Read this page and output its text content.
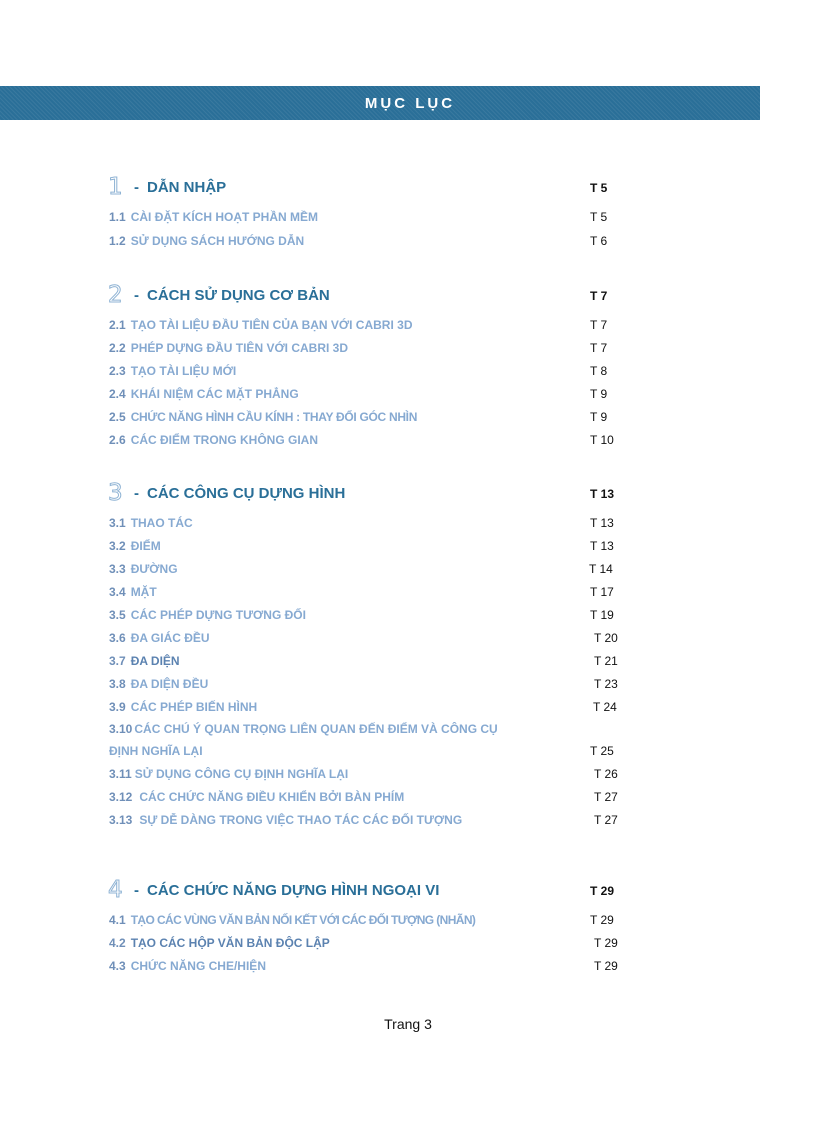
MỤC LỤC
1 - DẪN NHẬP	T 5
1.1 CÀI ĐẶT KÍCH HOẠT PHẦN MỀM	T 5
1.2 SỬ DỤNG SÁCH HƯỚNG DẪN	T 6
2 - CÁCH SỬ DỤNG CƠ BẢN	T 7
2.1 TẠO TÀI LIỆU ĐẦU TIÊN CỦA BẠN VỚI CABRI 3D	T 7
2.2 PHÉP DỰNG ĐẦU TIÊN VỚI CABRI 3D	T 7
2.3 TẠO TÀI LIỆU MỚI	T 8
2.4 KHÁI NIỆM CÁC MẶT PHẲNG	T 9
2.5 CHỨC NĂNG HÌNH CẦU KÍNH : THAY ĐỔI GÓC NHÌN	T 9
2.6 CÁC ĐIỂM TRONG KHÔNG GIAN	T 10
3 - CÁC CÔNG CỤ DỰNG HÌNH	T 13
3.1 THAO TÁC	T 13
3.2 ĐIỂM	T 13
3.3 ĐƯỜNG	T 14
3.4 MẶT	T 17
3.5 CÁC PHÉP DỰNG TƯƠNG ĐỐI	T 19
3.6 ĐA GIÁC ĐỀU	T 20
3.7 ĐA DIỆN	T 21
3.8 ĐA DIỆN ĐỀU	T 23
3.9 CÁC PHÉP BIẾN HÌNH	T 24
3.10 CÁC CHÚ Ý QUAN TRỌNG LIÊN QUAN ĐẾN ĐIỂM VÀ CÔNG CỤ
ĐỊNH NGHĨA LẠI	T 25
3.11 SỬ DỤNG CÔNG CỤ ĐỊNH NGHĨA LẠI	T 26
3.12 CÁC CHỨC NĂNG ĐIỀU KHIỂN BỞI BÀN PHÍM	T 27
3.13 SỰ DỄ DÀNG TRONG VIỆC THAO TÁC CÁC ĐỐI TƯỢNG	T 27
4 - CÁC CHỨC NĂNG DỰNG HÌNH NGOẠI VI	T 29
4.1 TẠO CÁC VÙNG VĂN BẢN NỐI KẾT VỚI CÁC ĐỐI TƯỢNG (NHÃN)	T 29
4.2 TẠO CÁC HỘP VĂN BẢN ĐỘC LẬP	T 29
4.3 CHỨC NĂNG CHE/HIỆN	T 29
Trang 3
